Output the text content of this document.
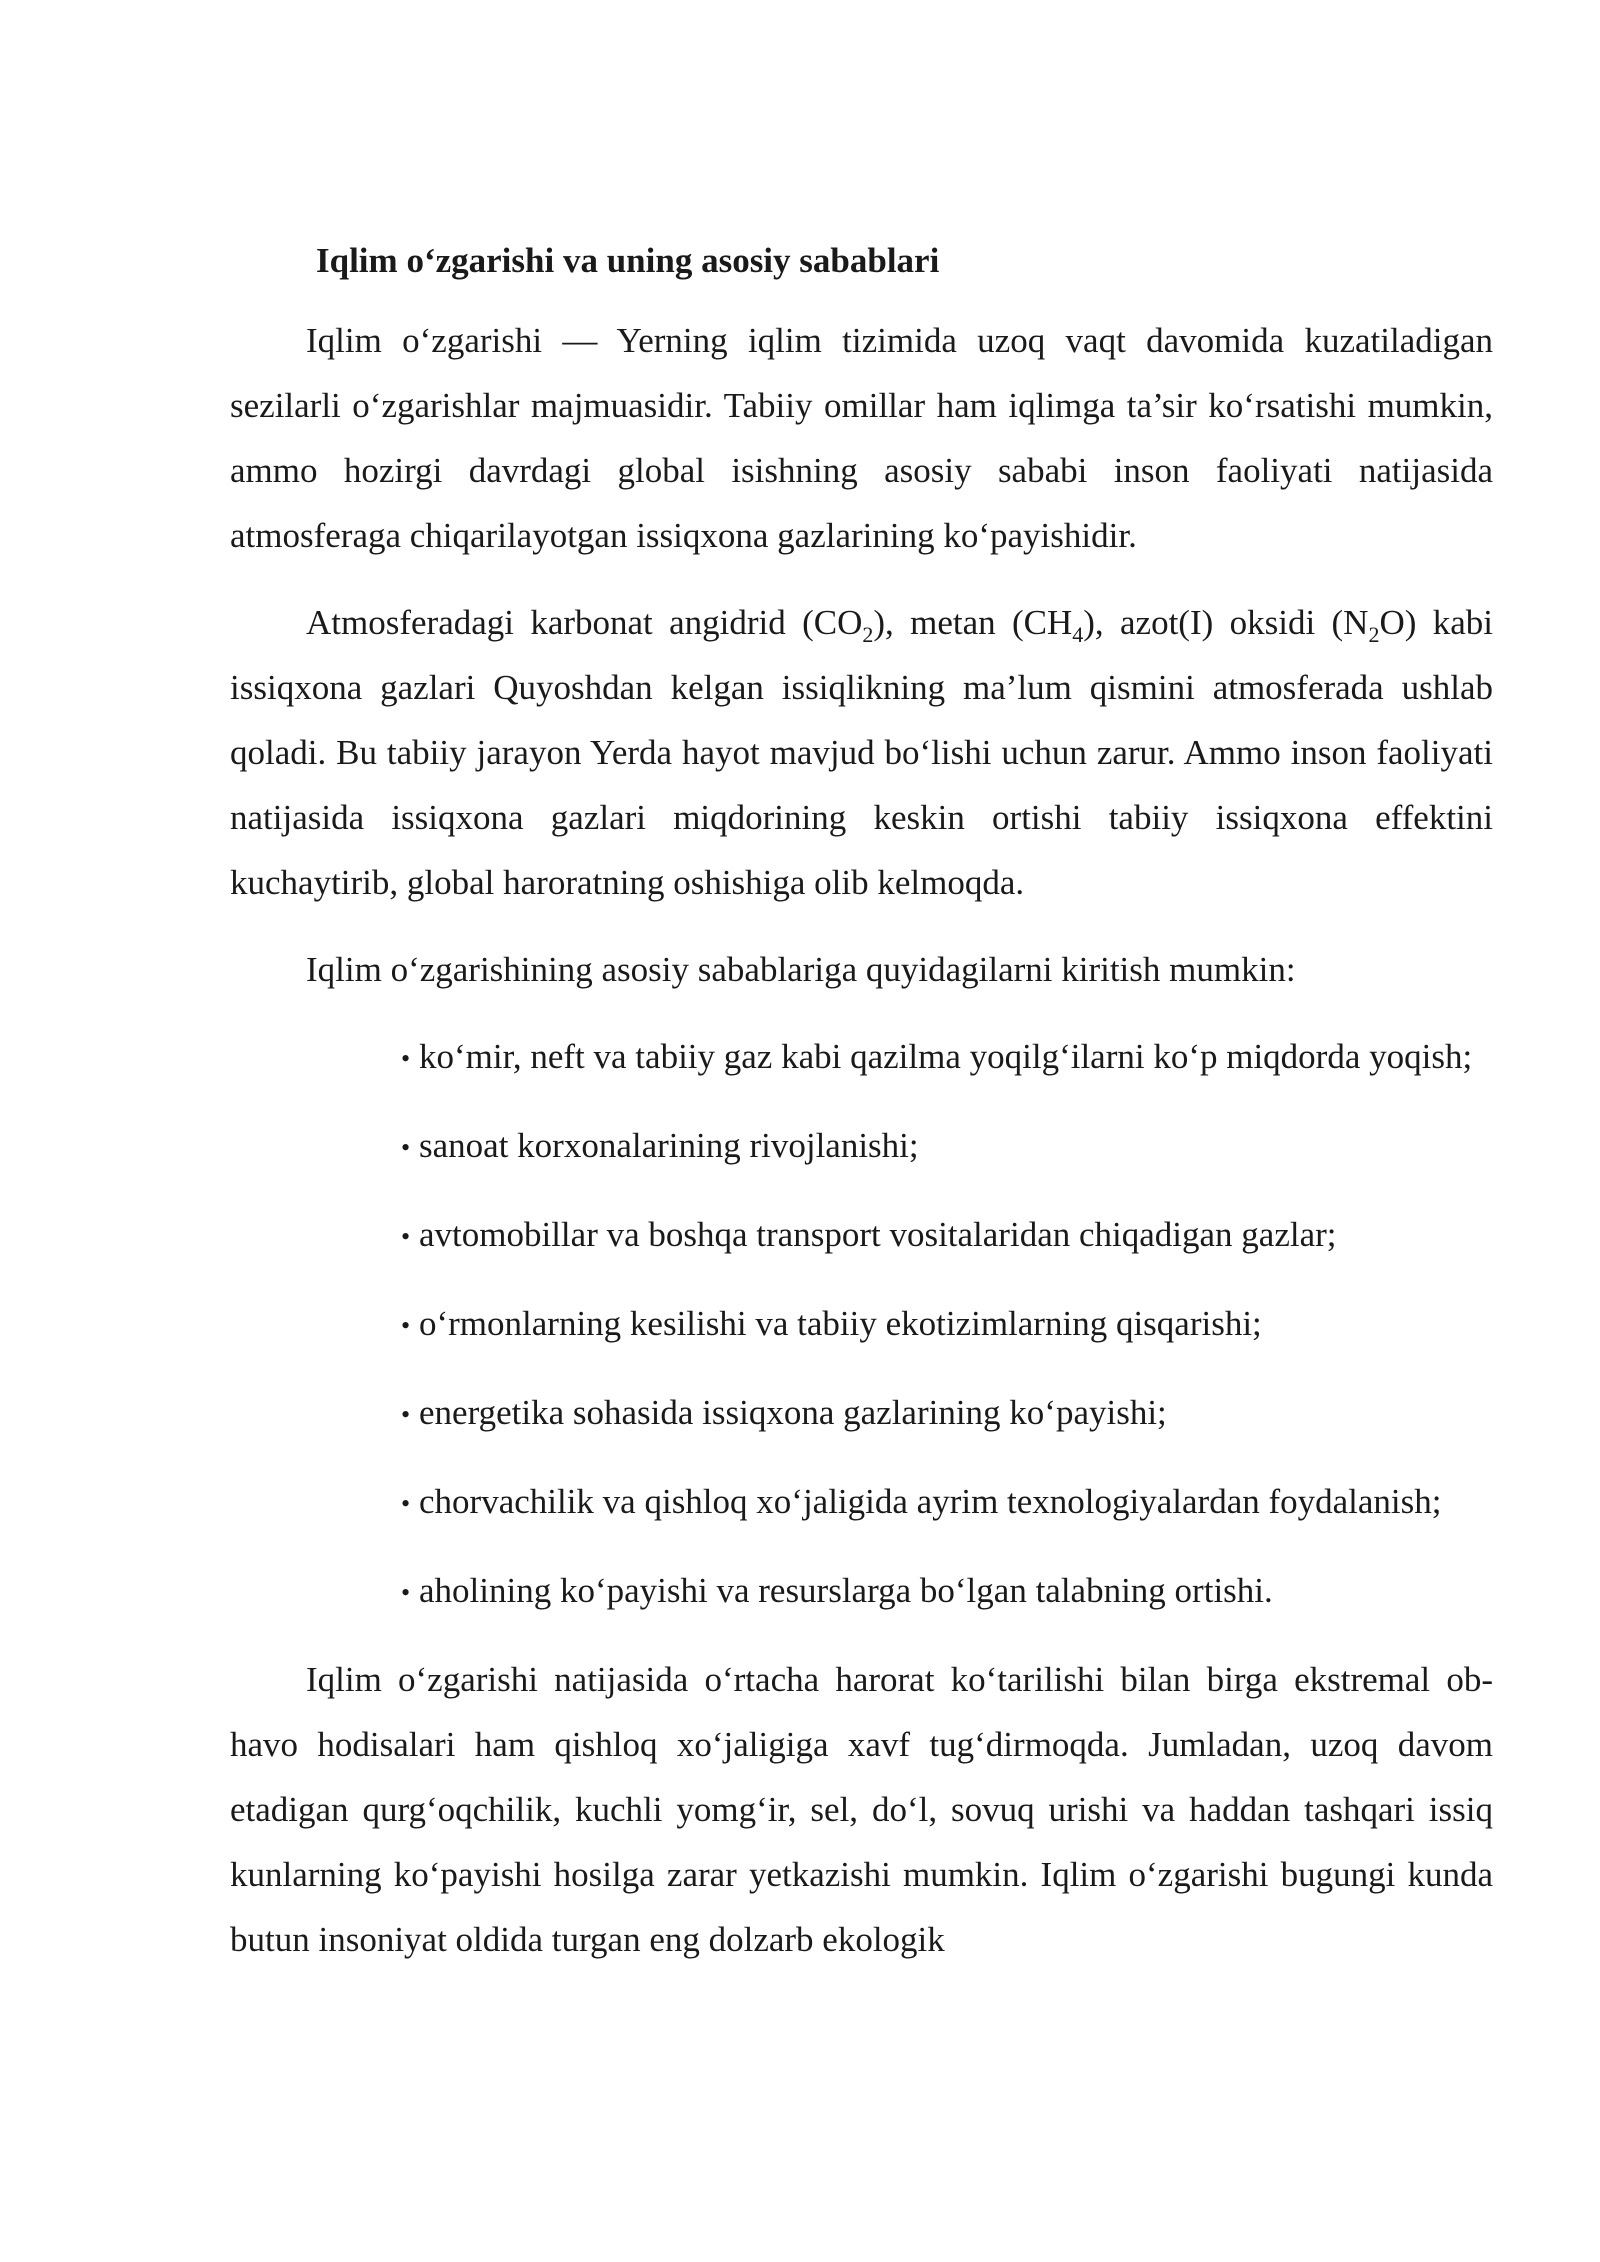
Iqlim o‘zgarishi va uning asosiy sabablari

Iqlim o‘zgarishi — Yerning iqlim tizimida uzoq vaqt davomida kuzatiladigan sezilarli o‘zgarishlar majmuasidir. Tabiiy omillar ham iqlimga ta’sir ko‘rsatishi mumkin, ammo hozirgi davrdagi global isishning asosiy sababi inson faoliyati natijasida atmosferaga chiqarilayotgan issiqxona gazlarining ko‘payishidir.

Atmosferadagi karbonat angidrid $(CO_2)$, metan $(CH_4)$, azot(I) oksidi $(N_2O)$ kabi issiqxona gazlari Quyoshdan kelgan issiqlikning ma’lum qismini atmosferada ushlab qoladi. Bu tabiiy jarayon Yerda hayot mavjud bo‘lishi uchun zarur. Ammo inson faoliyati natijasida issiqxona gazlari miqdorining keskin ortishi tabiiy issiqxona effektini kuchaytirib, global haroratning oshishiga olib kelmoqda.

Iqlim o‘zgarishining asosiy sabablariga quyidagilarni kiritish mumkin:

• ko‘mir, neft va tabiiy gaz kabi qazilma yoqilg‘ilarni ko‘p miqdorda yoqish;
• sanoat korxonalarining rivojlanishi;
• avtomobillar va boshqa transport vositalaridan chiqadigan gazlar;
• o‘rmonlarning kesilishi va tabiiy ekotizimlarning qisqarishi;
• energetika sohasida issiqxona gazlarining ko‘payishi;
• chorvachilik va qishloq xo‘jaligida ayrim texnologiyalardan foydalanish;
• aholining ko‘payishi va resurslarga bo‘lgan talabning ortishi.

Iqlim o‘zgarishi natijasida o‘rtacha harorat ko‘tarilishi bilan birga ekstremal ob-havo hodisalari ham qishloq xo‘jaligiga xavf tug‘dirmoqda. Jumladan, uzoq davom etadigan qurg‘oqchilik, kuchli yomg‘ir, sel, do‘l, sovuq urishi va haddan tashqari issiq kunlarning ko‘payishi hosilga zarar yetkazishi mumkin. Iqlim o‘zgarishi bugungi kunda butun insoniyat oldida turgan eng dolzarb ekologik
